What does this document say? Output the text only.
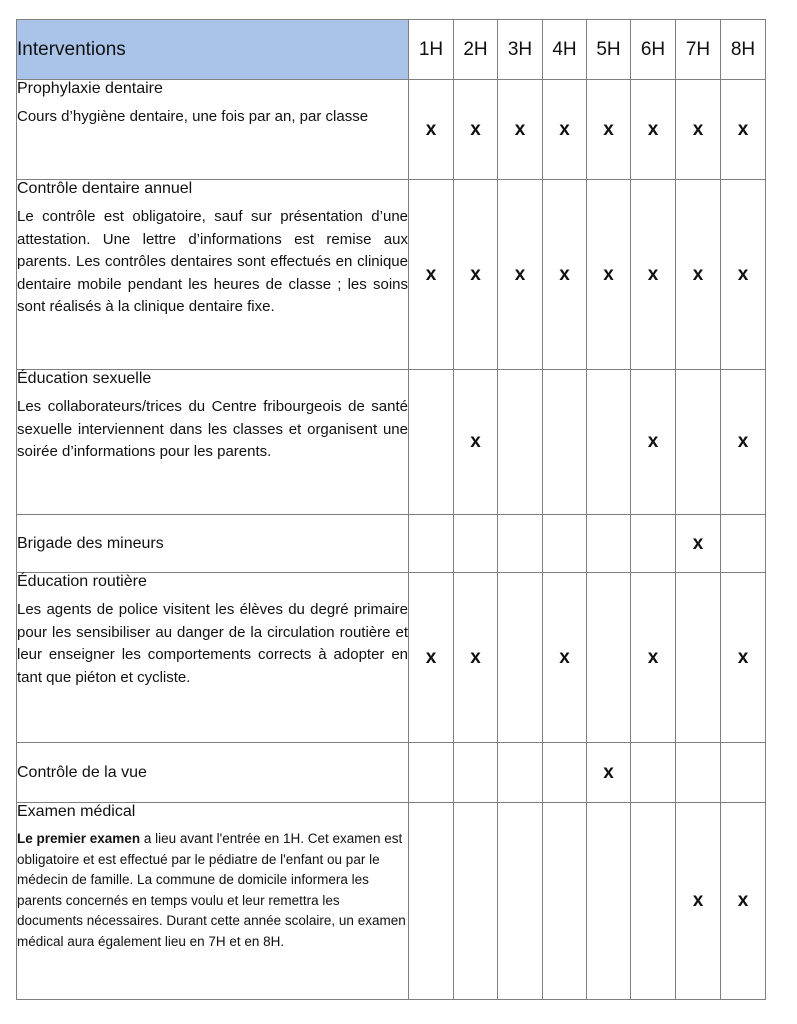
Interventions	1H	2H	3H	4H	5H	6H	7H	8H

Prophylaxie dentaire
Cours d’hygiène dentaire, une fois par an, par classe	x	x	x	x	x	x	x	x

Contrôle dentaire annuel
Le contrôle est obligatoire, sauf sur présentation d’une attestation. Une lettre d’informations est remise aux parents. Les contrôles dentaires sont effectués en clinique dentaire mobile pendant les heures de classe ; les soins sont réalisés à la clinique dentaire fixe.	x	x	x	x	x	x	x	x

Éducation sexuelle
Les collaborateurs/trices du Centre fribourgeois de santé sexuelle interviennent dans les classes et organisent une soirée d’informations pour les parents.		x				x		x

Brigade des mineurs							x	

Éducation routière
Les agents de police visitent les élèves du degré primaire pour les sensibiliser au danger de la circulation routière et leur enseigner les comportements corrects à adopter en tant que piéton et cycliste.	x	x		x		x		x

Contrôle de la vue					x			

Examen médical
Le premier examen a lieu avant l'entrée en 1H. Cet examen est obligatoire et est effectué par le pédiatre de l'enfant ou par le médecin de famille. La commune de domicile informera les parents concernés en temps voulu et leur remettra les documents nécessaires. Durant cette année scolaire, un examen médical aura également lieu en 7H et en 8H.							x	x
